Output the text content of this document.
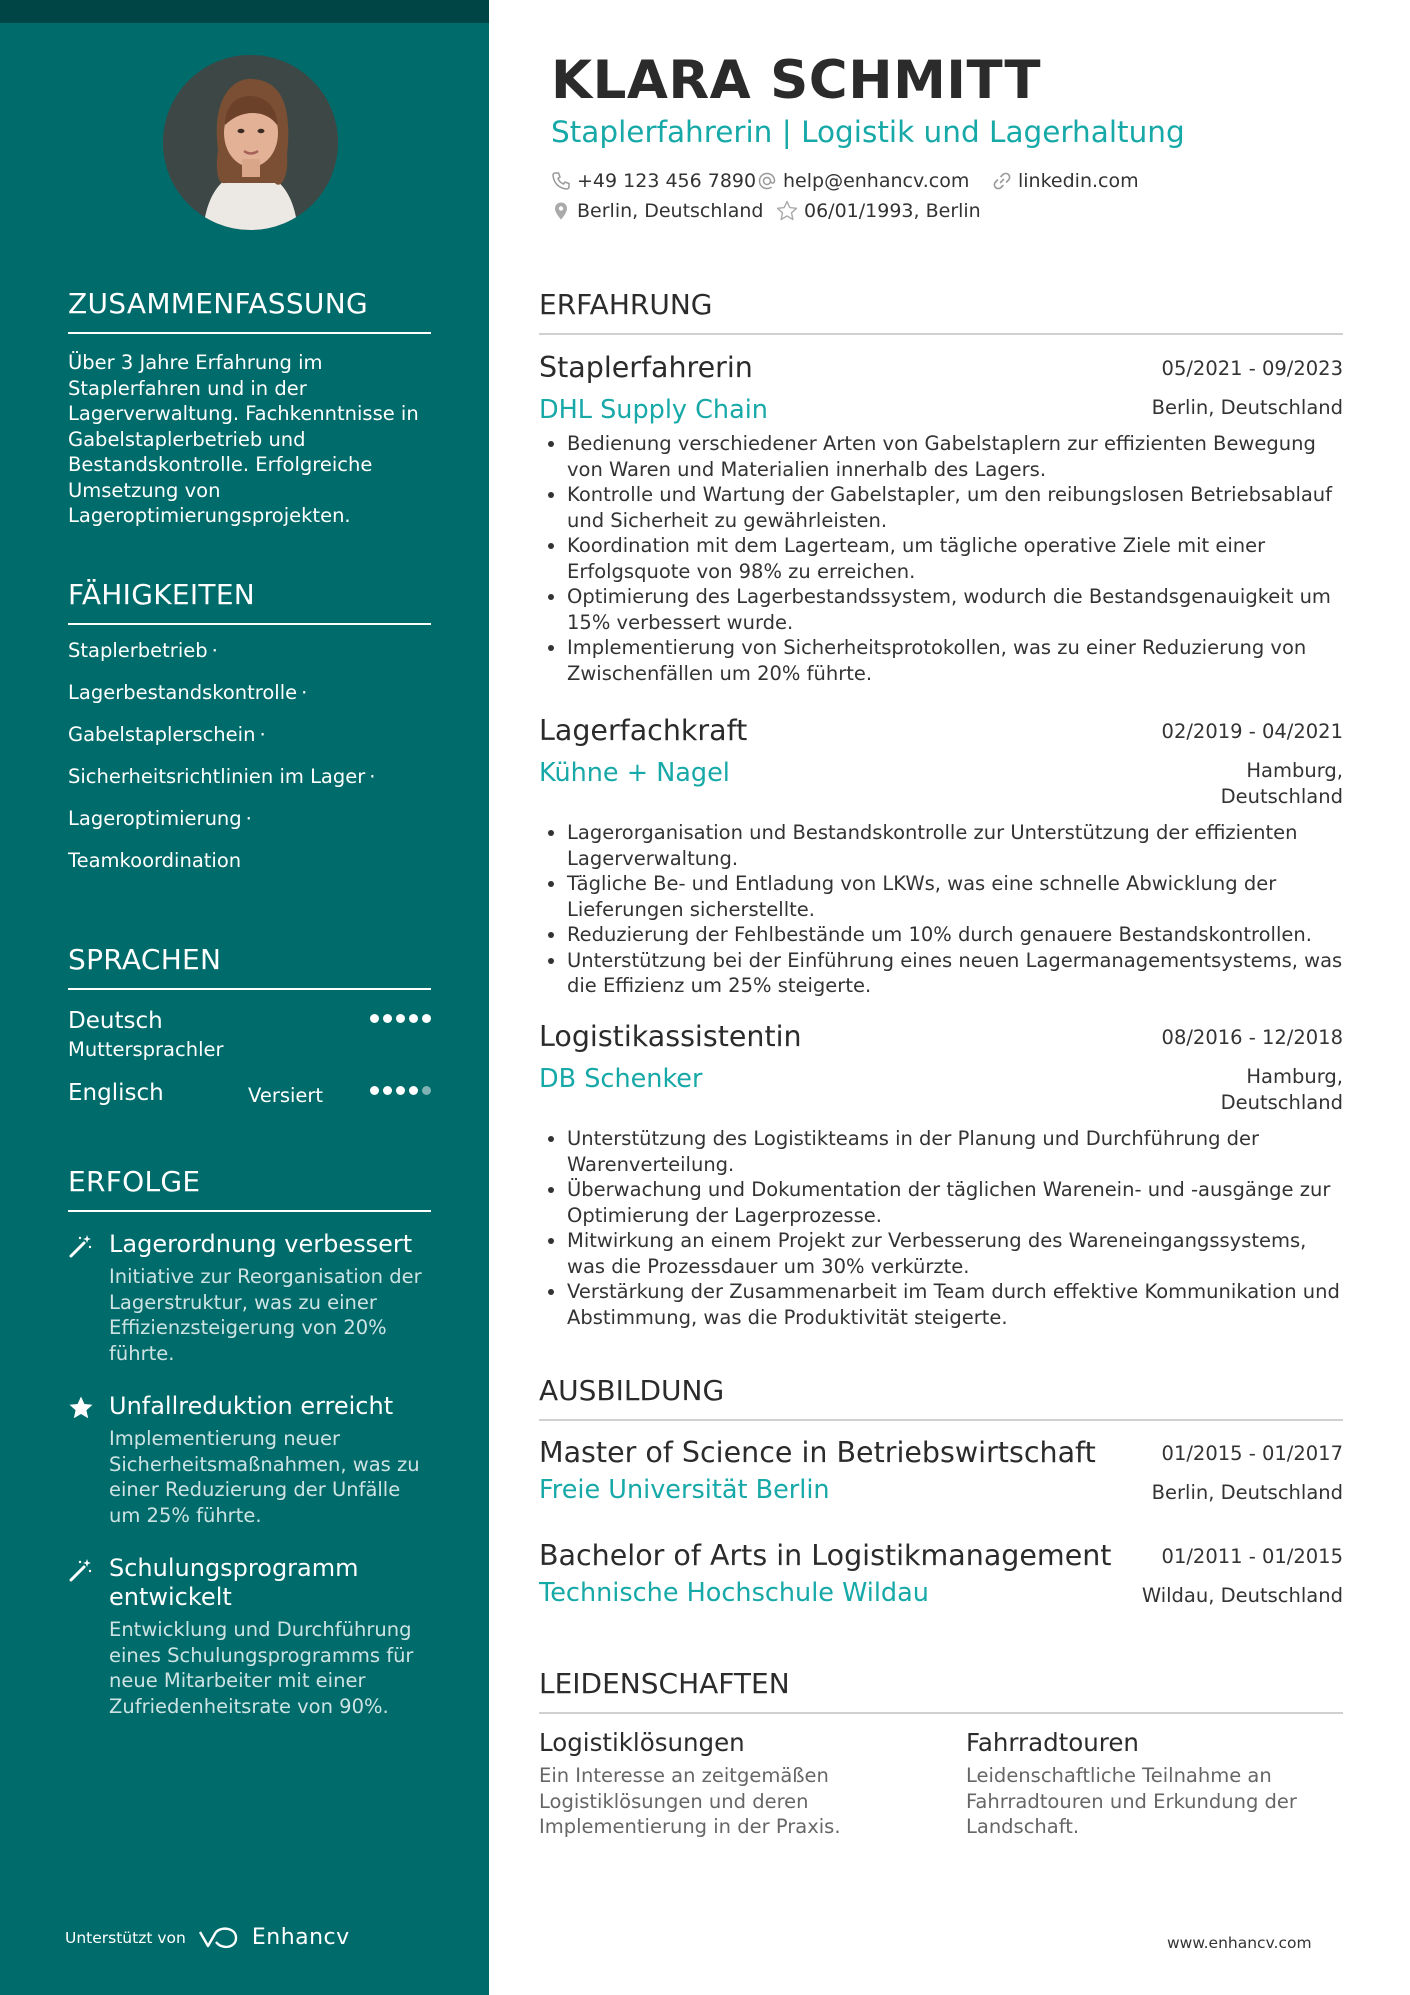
ZUSAMMENFASSUNG
Über 3 Jahre Erfahrung im Staplerfahren und in der Lagerverwaltung. Fachkenntnisse in Gabelstaplerbetrieb und Bestandskontrolle. Erfolgreiche Umsetzung von Lageroptimierungsprojekten.
FÄHIGKEITEN
Staplerbetrieb ·
Lagerbestandskontrolle ·
Gabelstaplerschein ·
Sicherheitsrichtlinien im Lager ·
Lageroptimierung ·
Teamkoordination
SPRACHEN
Deutsch
Muttersprachler
Englisch	Versiert
ERFOLGE
Lagerordnung verbessert
Initiative zur Reorganisation der Lagerstruktur, was zu einer Effizienzsteigerung von 20% führte.
Unfallreduktion erreicht
Implementierung neuer Sicherheitsmaßnahmen, was zu einer Reduzierung der Unfälle um 25% führte.
Schulungsprogramm entwickelt
Entwicklung und Durchführung eines Schulungsprogramms für neue Mitarbeiter mit einer Zufriedenheitsrate von 90%.
Unterstützt von	Enhancv
KLARA SCHMITT
Staplerfahrerin | Logistik und Lagerhaltung
+49 123 456 7890 help@enhancv.com	linkedin.com
Berlin, Deutschland 06/01/1993, Berlin
ERFAHRUNG
Staplerfahrerin	05/2021 - 09/2023
DHL Supply Chain	Berlin, Deutschland
Bedienung verschiedener Arten von Gabelstaplern zur effizienten Bewegung von Waren und Materialien innerhalb des Lagers.
Kontrolle und Wartung der Gabelstapler, um den reibungslosen Betriebsablauf und Sicherheit zu gewährleisten.
Koordination mit dem Lagerteam, um tägliche operative Ziele mit einer Erfolgsquote von 98% zu erreichen.
Optimierung des Lagerbestandssystem, wodurch die Bestandsgenauigkeit um 15% verbessert wurde.
Implementierung von Sicherheitsprotokollen, was zu einer Reduzierung von Zwischenfällen um 20% führte.
Lagerfachkraft	02/2019 - 04/2021
Kühne + Nagel	Hamburg,
Deutschland
Lagerorganisation und Bestandskontrolle zur Unterstützung der effizienten Lagerverwaltung.
Tägliche Be- und Entladung von LKWs, was eine schnelle Abwicklung der Lieferungen sicherstellte.
Reduzierung der Fehlbestände um 10% durch genauere Bestandskontrollen.
Unterstützung bei der Einführung eines neuen Lagermanagementsystems, was die Effizienz um 25% steigerte.
Logistikassistentin	08/2016 - 12/2018
DB Schenker	Hamburg,
Deutschland
Unterstützung des Logistikteams in der Planung und Durchführung der Warenverteilung.
Überwachung und Dokumentation der täglichen Warenein- und -ausgänge zur Optimierung der Lagerprozesse.
Mitwirkung an einem Projekt zur Verbesserung des Wareneingangssystems, was die Prozessdauer um 30% verkürzte.
Verstärkung der Zusammenarbeit im Team durch effektive Kommunikation und Abstimmung, was die Produktivität steigerte.
AUSBILDUNG
Master of Science in Betriebswirtschaft	01/2015 - 01/2017
Freie Universität Berlin	Berlin, Deutschland
Bachelor of Arts in Logistikmanagement	01/2011 - 01/2015
Technische Hochschule Wildau	Wildau, Deutschland
LEIDENSCHAFTEN
Logistiklösungen
Ein Interesse an zeitgemäßen Logistiklösungen und deren Implementierung in der Praxis.
Fahrradtouren
Leidenschaftliche Teilnahme an Fahrradtouren und Erkundung der Landschaft.
www.enhancv.com
